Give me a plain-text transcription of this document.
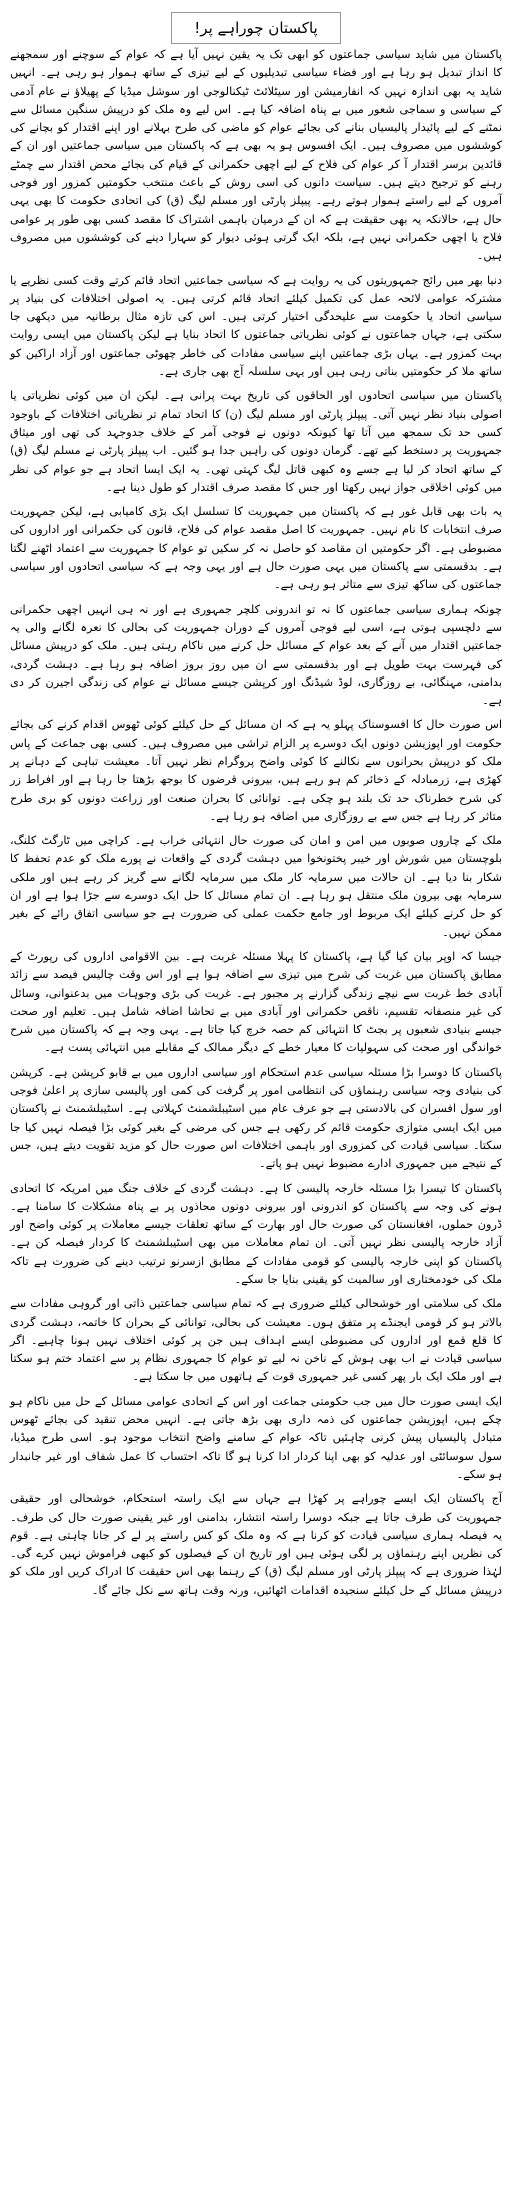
پاکستان چوراہے پر!

پاکستان میں شاید سیاسی جماعتوں کو ابھی تک یہ یقین نہیں آیا ہے کہ عوام کے سوچنے اور سمجھنے کا انداز تبدیل ہو رہا ہے اور فضاء سیاسی تبدیلیوں کے لیے تیزی کے ساتھ ہموار ہو رہی ہے۔ انہیں شاید یہ بھی اندازہ نہیں کہ انفارمیشن اور سیٹلائٹ ٹیکنالوجی اور سوشل میڈیا کے پھیلاؤ نے عام آدمی کے سیاسی و سماجی شعور میں بے پناہ اضافہ کیا ہے۔ اس لیے وہ ملک کو درپیش سنگین مسائل سے نمٹنے کے لیے پائیدار پالیسیاں بنانے کی بجائے عوام کو ماضی کی طرح بہلانے اور اپنے اقتدار کو بچانے کی کوششوں میں مصروف ہیں۔ ایک افسوس ہو یہ بھی ہے کہ پاکستان میں سیاسی جماعتیں اور ان کے قائدین برسر اقتدار آ کر عوام کی فلاح کے لیے اچھی حکمرانی کے قیام کی بجائے محض اقتدار سے چمٹے رہنے کو ترجیح دیتے ہیں۔ سیاست دانوں کی اسی روش کے باعث منتخب حکومتیں کمزور اور فوجی آمروں کے لیے راستے ہموار ہوتے رہے۔ پیپلز پارٹی اور مسلم لیگ (ق) کی اتحادی حکومت کا بھی یہی حال ہے، حالانکہ یہ بھی حقیقت ہے کہ ان کے درمیان باہمی اشتراک کا مقصد کسی بھی طور پر عوامی فلاح یا اچھی حکمرانی نہیں ہے، بلکہ ایک گرتی ہوئی دیوار کو سہارا دینے کی کوششوں میں مصروف ہیں۔

دنیا بھر میں رائج جمہوریتوں کی یہ روایت ہے کہ سیاسی جماعتیں اتحاد قائم کرتے وقت کسی نظریے یا مشترکہ عوامی لائحہ عمل کی تکمیل کیلئے اتحاد قائم کرتی ہیں۔ یہ اصولی اختلافات کی بنیاد پر سیاسی اتحاد یا حکومت سے علیحدگی اختیار کرتی ہیں۔ اس کی تازہ مثال برطانیہ میں دیکھی جا سکتی ہے، جہاں جماعتوں نے کوئی نظریاتی جماعتوں کا اتحاد بنایا ہے لیکن پاکستان میں ایسی روایت بہت کمزور ہے۔ یہاں بڑی جماعتیں اپنے سیاسی مفادات کی خاطر چھوٹی جماعتوں اور آزاد اراکین کو ساتھ ملا کر حکومتیں بناتی رہی ہیں اور یہی سلسلہ آج بھی جاری ہے۔

پاکستان میں سیاسی اتحادوں اور الحاقوں کی تاریخ بہت پرانی ہے۔ لیکن ان میں کوئی نظریاتی یا اصولی بنیاد نظر نہیں آتی۔ پیپلز پارٹی اور مسلم لیگ (ن) کا اتحاد تمام تر نظریاتی اختلافات کے باوجود کسی حد تک سمجھ میں آتا تھا کیونکہ دونوں نے فوجی آمر کے خلاف جدوجہد کی تھی اور میثاق جمہوریت پر دستخط کیے تھے۔ گرمان دونوں کی راہیں جدا ہو گئیں۔ اب پیپلز پارٹی نے مسلم لیگ (ق) کے ساتھ اتحاد کر لیا ہے جسے وہ کبھی قاتل لیگ کہتی تھی۔ یہ ایک ایسا اتحاد ہے جو عوام کی نظر میں کوئی اخلاقی جواز نہیں رکھتا اور جس کا مقصد صرف اقتدار کو طول دینا ہے۔

یہ بات بھی قابل غور ہے کہ پاکستان میں جمہوریت کا تسلسل ایک بڑی کامیابی ہے، لیکن جمہوریت صرف انتخابات کا نام نہیں۔ جمہوریت کا اصل مقصد عوام کی فلاح، قانون کی حکمرانی اور اداروں کی مضبوطی ہے۔ اگر حکومتیں ان مقاصد کو حاصل نہ کر سکیں تو عوام کا جمہوریت سے اعتماد اٹھنے لگتا ہے۔ بدقسمتی سے پاکستان میں یہی صورت حال ہے اور یہی وجہ ہے کہ سیاسی اتحادوں اور سیاسی جماعتوں کی ساکھ تیزی سے متاثر ہو رہی ہے۔

چونکہ ہماری سیاسی جماعتوں کا نہ تو اندرونی کلچر جمہوری ہے اور نہ ہی انہیں اچھی حکمرانی سے دلچسپی ہوتی ہے، اسی لیے فوجی آمروں کے دوران جمہوریت کی بحالی کا نعرہ لگانے والی یہ جماعتیں اقتدار میں آنے کے بعد عوام کے مسائل حل کرنے میں ناکام رہتی ہیں۔ ملک کو درپیش مسائل کی فہرست بہت طویل ہے اور بدقسمتی سے ان میں روز بروز اضافہ ہو رہا ہے۔ دہشت گردی، بدامنی، مہنگائی، بے روزگاری، لوڈ شیڈنگ اور کرپشن جیسے مسائل نے عوام کی زندگی اجیرن کر دی ہے۔

اس صورت حال کا افسوسناک پہلو یہ ہے کہ ان مسائل کے حل کیلئے کوئی ٹھوس اقدام کرنے کی بجائے حکومت اور اپوزیشن دونوں ایک دوسرے پر الزام تراشی میں مصروف ہیں۔ کسی بھی جماعت کے پاس ملک کو درپیش بحرانوں سے نکالنے کا کوئی واضح پروگرام نظر نہیں آتا۔ معیشت تباہی کے دہانے پر کھڑی ہے، زرمبادلہ کے ذخائر کم ہو رہے ہیں، بیرونی قرضوں کا بوجھ بڑھتا جا رہا ہے اور افراط زر کی شرح خطرناک حد تک بلند ہو چکی ہے۔ توانائی کا بحران صنعت اور زراعت دونوں کو بری طرح متاثر کر رہا ہے جس سے بے روزگاری میں اضافہ ہو رہا ہے۔

ملک کے چاروں صوبوں میں امن و امان کی صورت حال انتہائی خراب ہے۔ کراچی میں ٹارگٹ کلنگ، بلوچستان میں شورش اور خیبر پختونخوا میں دہشت گردی کے واقعات نے پورے ملک کو عدم تحفظ کا شکار بنا دیا ہے۔ ان حالات میں سرمایہ کار ملک میں سرمایہ لگانے سے گریز کر رہے ہیں اور ملکی سرمایہ بھی بیرون ملک منتقل ہو رہا ہے۔ ان تمام مسائل کا حل ایک دوسرے سے جڑا ہوا ہے اور ان کو حل کرنے کیلئے ایک مربوط اور جامع حکمت عملی کی ضرورت ہے جو سیاسی اتفاق رائے کے بغیر ممکن نہیں۔

جیسا کہ اوپر بیان کیا گیا ہے، پاکستان کا پہلا مسئلہ غربت ہے۔ بین الاقوامی اداروں کی رپورٹ کے مطابق پاکستان میں غربت کی شرح میں تیزی سے اضافہ ہوا ہے اور اس وقت چالیس فیصد سے زائد آبادی خط غربت سے نیچے زندگی گزارنے پر مجبور ہے۔ غربت کی بڑی وجوہات میں بدعنوانی، وسائل کی غیر منصفانہ تقسیم، ناقص حکمرانی اور آبادی میں بے تحاشا اضافہ شامل ہیں۔ تعلیم اور صحت جیسے بنیادی شعبوں پر بجٹ کا انتہائی کم حصہ خرچ کیا جاتا ہے۔ یہی وجہ ہے کہ پاکستان میں شرح خواندگی اور صحت کی سہولیات کا معیار خطے کے دیگر ممالک کے مقابلے میں انتہائی پست ہے۔

پاکستان کا دوسرا بڑا مسئلہ سیاسی عدم استحکام اور سیاسی اداروں میں بے قابو کرپشن ہے۔ کرپشن کی بنیادی وجہ سیاسی رہنماؤں کی انتظامی امور پر گرفت کی کمی اور پالیسی سازی پر اعلیٰ فوجی اور سول افسران کی بالادستی ہے جو عرف عام میں اسٹیبلشمنٹ کہلاتی ہے۔ اسٹیبلشمنٹ نے پاکستان میں ایک ایسی متوازی حکومت قائم کر رکھی ہے جس کی مرضی کے بغیر کوئی بڑا فیصلہ نہیں کیا جا سکتا۔ سیاسی قیادت کی کمزوری اور باہمی اختلافات اس صورت حال کو مزید تقویت دیتے ہیں، جس کے نتیجے میں جمہوری ادارے مضبوط نہیں ہو پاتے۔

پاکستان کا تیسرا بڑا مسئلہ خارجہ پالیسی کا ہے۔ دہشت گردی کے خلاف جنگ میں امریکہ کا اتحادی ہونے کی وجہ سے پاکستان کو اندرونی اور بیرونی دونوں محاذوں پر بے پناہ مشکلات کا سامنا ہے۔ ڈرون حملوں، افغانستان کی صورت حال اور بھارت کے ساتھ تعلقات جیسے معاملات پر کوئی واضح اور آزاد خارجہ پالیسی نظر نہیں آتی۔ ان تمام معاملات میں بھی اسٹیبلشمنٹ کا کردار فیصلہ کن ہے۔ پاکستان کو اپنی خارجہ پالیسی کو قومی مفادات کے مطابق ازسرنو ترتیب دینے کی ضرورت ہے تاکہ ملک کی خودمختاری اور سالمیت کو یقینی بنایا جا سکے۔

ملک کی سلامتی اور خوشحالی کیلئے ضروری ہے کہ تمام سیاسی جماعتیں ذاتی اور گروہی مفادات سے بالاتر ہو کر قومی ایجنڈے پر متفق ہوں۔ معیشت کی بحالی، توانائی کے بحران کا خاتمہ، دہشت گردی کا قلع قمع اور اداروں کی مضبوطی ایسے اہداف ہیں جن پر کوئی اختلاف نہیں ہونا چاہیے۔ اگر سیاسی قیادت نے اب بھی ہوش کے ناخن نہ لیے تو عوام کا جمہوری نظام پر سے اعتماد ختم ہو سکتا ہے اور ملک ایک بار پھر کسی غیر جمہوری قوت کے ہاتھوں میں جا سکتا ہے۔

ایک ایسی صورت حال میں جب حکومتی جماعت اور اس کے اتحادی عوامی مسائل کے حل میں ناکام ہو چکے ہیں، اپوزیشن جماعتوں کی ذمہ داری بھی بڑھ جاتی ہے۔ انہیں محض تنقید کی بجائے ٹھوس متبادل پالیسیاں پیش کرنی چاہئیں تاکہ عوام کے سامنے واضح انتخاب موجود ہو۔ اسی طرح میڈیا، سول سوسائٹی اور عدلیہ کو بھی اپنا کردار ادا کرنا ہو گا تاکہ احتساب کا عمل شفاف اور غیر جانبدار ہو سکے۔

آج پاکستان ایک ایسے چوراہے پر کھڑا ہے جہاں سے ایک راستہ استحکام، خوشحالی اور حقیقی جمہوریت کی طرف جاتا ہے جبکہ دوسرا راستہ انتشار، بدامنی اور غیر یقینی صورت حال کی طرف۔ یہ فیصلہ ہماری سیاسی قیادت کو کرنا ہے کہ وہ ملک کو کس راستے پر لے کر جانا چاہتی ہے۔ قوم کی نظریں اپنے رہنماؤں پر لگی ہوئی ہیں اور تاریخ ان کے فیصلوں کو کبھی فراموش نہیں کرے گی۔ لہٰذا ضروری ہے کہ پیپلز پارٹی اور مسلم لیگ (ق) کے رہنما بھی اس حقیقت کا ادراک کریں اور ملک کو درپیش مسائل کے حل کیلئے سنجیدہ اقدامات اٹھائیں، ورنہ وقت ہاتھ سے نکل جائے گا۔
